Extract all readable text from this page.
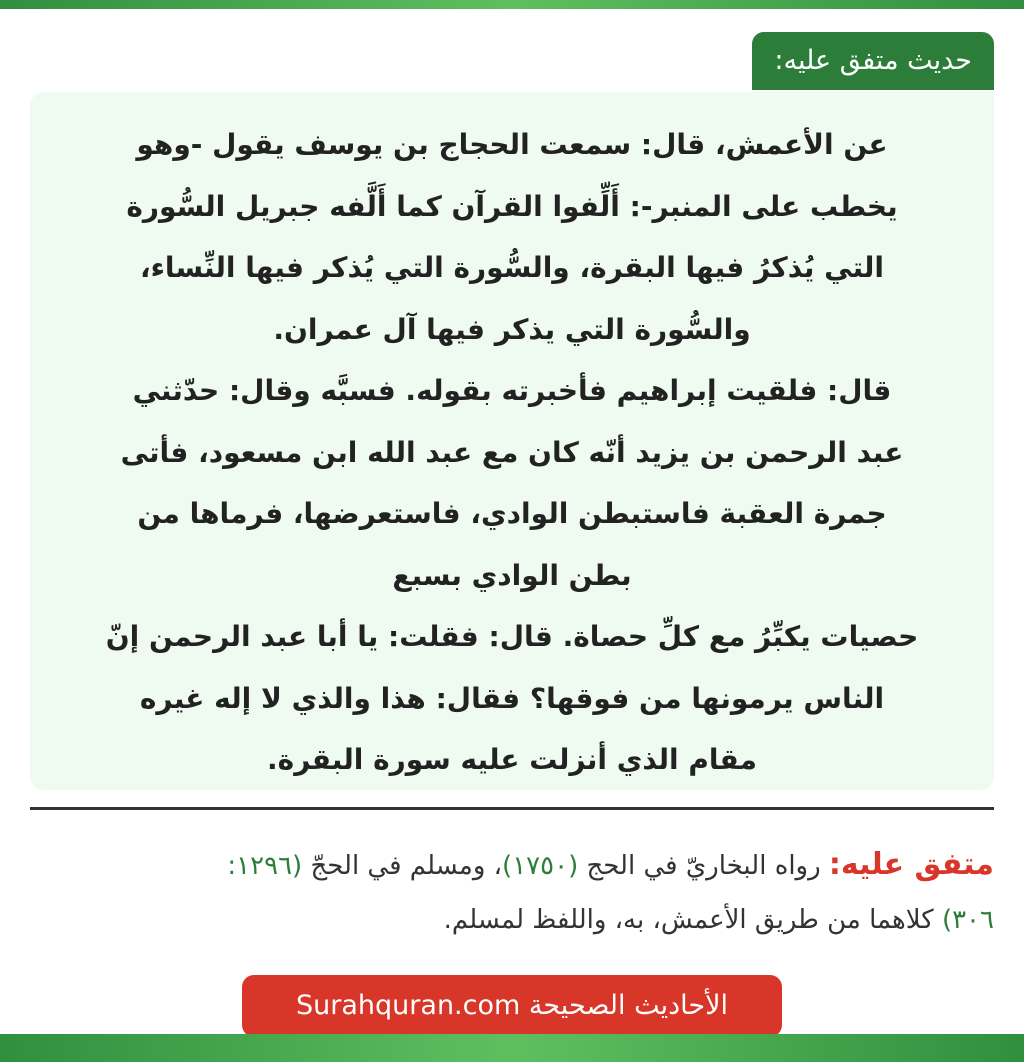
حديث متفق عليه:
عن الأعمش، قال: سمعت الحجاج بن يوسف يقول -وهو
يخطب على المنبر-: أَلِّفوا القرآن كما أَلَّفه جبريل السُّورة
التي يُذكرُ فيها البقرة، والسُّورة التي يُذكر فيها النِّساء،
والسُّورة التي يذكر فيها آل عمران.
قال: فلقيت إبراهيم فأخبرته بقوله. فسبَّه وقال: حدّثني
عبد الرحمن بن يزيد أنّه كان مع عبد الله ابن مسعود، فأتى
جمرة العقبة فاستبطن الوادي، فاستعرضها، فرماها من
بطن الوادي بسبع
حصيات يكبِّرُ مع كلِّ حصاة. قال: فقلت: يا أبا عبد الرحمن إنّ
الناس يرمونها من فوقها؟ فقال: هذا والذي لا إله غيره
مقام الذي أنزلت عليه سورة البقرة.
متفق عليه: رواه البخاريّ في الحج (١٧٥٠)، ومسلم في الحجّ (١٢٩٦:
٣٠٦) كلاهما من طريق الأعمش، به، واللفظ لمسلم.
الأحاديث الصحيحة Surahquran.com
